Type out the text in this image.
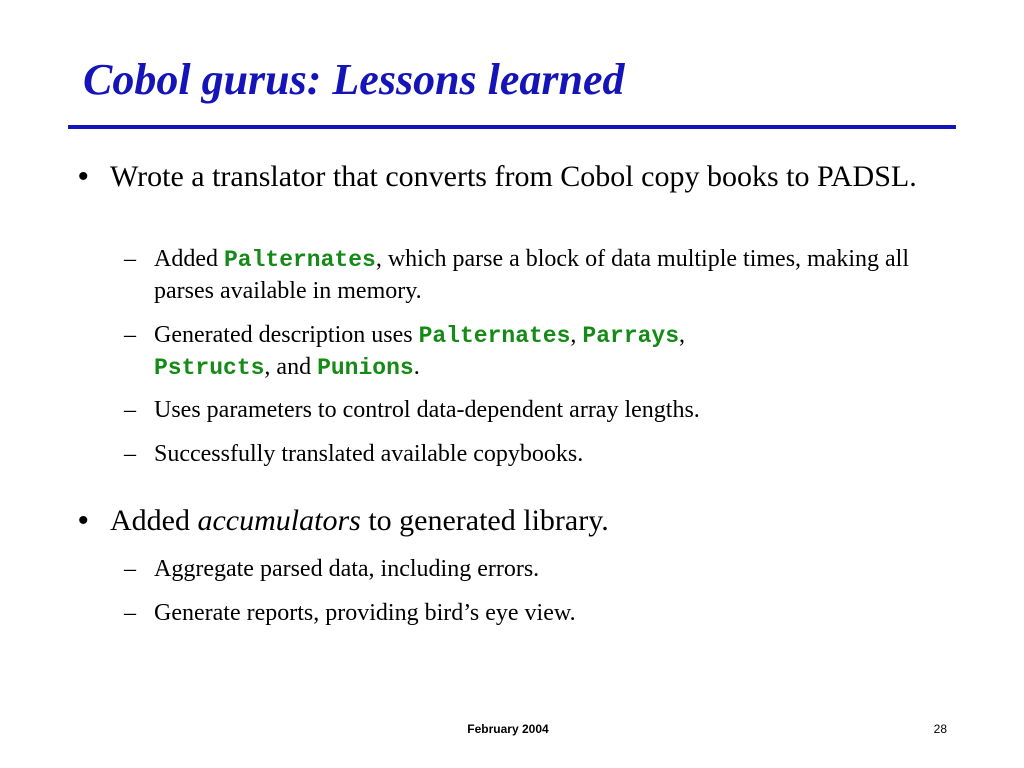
Cobol gurus: Lessons learned
• Wrote a translator that converts from Cobol copy books to PADSL.
– Added Palternates, which parse a block of data multiple times, making all parses available in memory.
– Generated description uses Palternates, Parrays,
Pstructs, and Punions.
– Uses parameters to control data-dependent array lengths.
– Successfully translated available copybooks.
• Added accumulators to generated library.
– Aggregate parsed data, including errors.
– Generate reports, providing bird’s eye view.
February 2004	28
